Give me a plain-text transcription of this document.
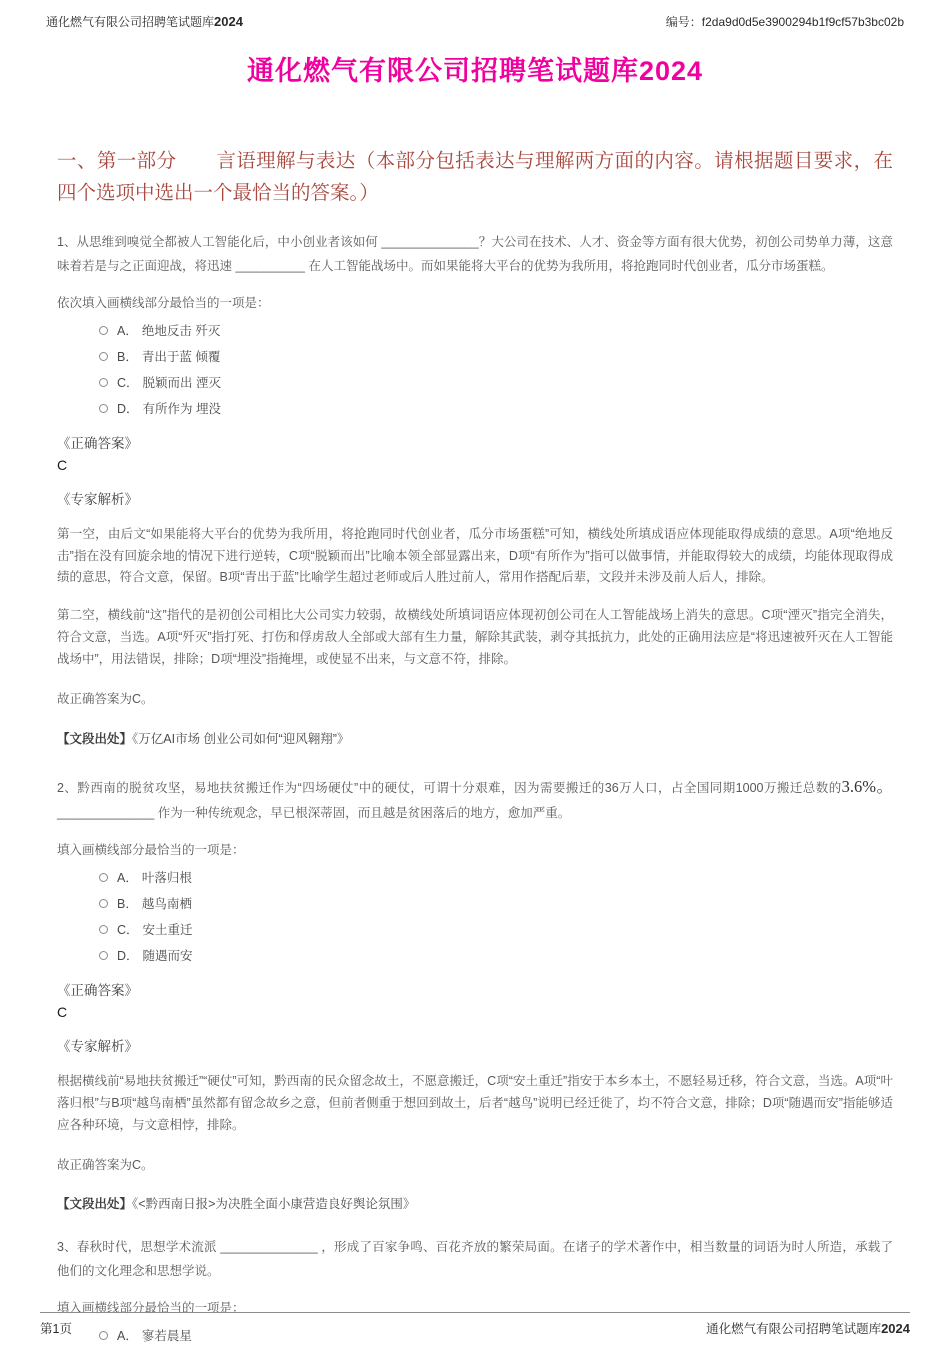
通化燃气有限公司招聘笔试题库2024	编号：f2da9d0d5e3900294b1f9cf57b3bc02b
通化燃气有限公司招聘笔试题库2024
一、第一部分　　言语理解与表达（本部分包括表达与理解两方面的内容。请根据题目要求，在四个选项中选出一个最恰当的答案。）

1、从思维到嗅觉全都被人工智能化后，中小创业者该如何 ______________？大公司在技术、人才、资金等方面有很大优势，初创公司势单力薄，这意味着若是与之正面迎战，将迅速 __________ 在人工智能战场中。而如果能将大平台的优势为我所用，将抢跑同时代创业者，瓜分市场蛋糕。

依次填入画横线部分最恰当的一项是：

A． 绝地反击 歼灭
B． 青出于蓝 倾覆
C． 脱颖而出 湮灭
D． 有所作为 埋没

《正确答案》

C

《专家解析》

第一空，由后文“如果能将大平台的优势为我所用，将抢跑同时代创业者，瓜分市场蛋糕”可知，横线处所填成语应体现能取得成绩的意思。A项“绝地反击”指在没有回旋余地的情况下进行逆转，C项“脱颖而出”比喻本领全部显露出来，D项“有所作为”指可以做事情，并能取得较大的成绩，均能体现取得成绩的意思，符合文意，保留。B项“青出于蓝”比喻学生超过老师或后人胜过前人，常用作搭配后辈，文段并未涉及前人后人，排除。

第二空，横线前“这”指代的是初创公司相比大公司实力较弱，故横线处所填词语应体现初创公司在人工智能战场上消失的意思。C项“湮灭”指完全消失，符合文意，当选。A项“歼灭”指打死、打伤和俘虏敌人全部或大部有生力量，解除其武装，剥夺其抵抗力，此处的正确用法应是“将迅速被歼灭在人工智能战场中”，用法错误，排除；D项“埋没”指掩埋，或使显不出来，与文意不符，排除。

故正确答案为C。

【文段出处】《万亿AI市场 创业公司如何“迎风翱翔”》

2、黔西南的脱贫攻坚，易地扶贫搬迁作为“四场硬仗”中的硬仗，可谓十分艰难，因为需要搬迁的36万人口，占全国同期1000万搬迁总数的3.6%。 ______________ 作为一种传统观念，早已根深蒂固，而且越是贫困落后的地方，愈加严重。

填入画横线部分最恰当的一项是：

A． 叶落归根
B． 越鸟南栖
C． 安土重迁
D． 随遇而安

《正确答案》

C

《专家解析》

根据横线前“易地扶贫搬迁”“硬仗”可知，黔西南的民众留念故土，不愿意搬迁，C项“安土重迁”指安于本乡本土，不愿轻易迁移，符合文意，当选。A项“叶落归根”与B项“越鸟南栖”虽然都有留念故乡之意，但前者侧重于想回到故土，后者“越鸟”说明已经迁徙了，均不符合文意，排除；D项“随遇而安”指能够适应各种环境，与文意相悖，排除。

故正确答案为C。

【文段出处】《<黔西南日报>为决胜全面小康营造良好舆论氛围》

3、春秋时代，思想学术流派 ______________ ，形成了百家争鸣、百花齐放的繁荣局面。在诸子的学术著作中，相当数量的词语为时人所造，承载了他们的文化理念和思想学说。

填入画横线部分最恰当的一项是：

A． 寥若晨星
第1页	通化燃气有限公司招聘笔试题库2024
